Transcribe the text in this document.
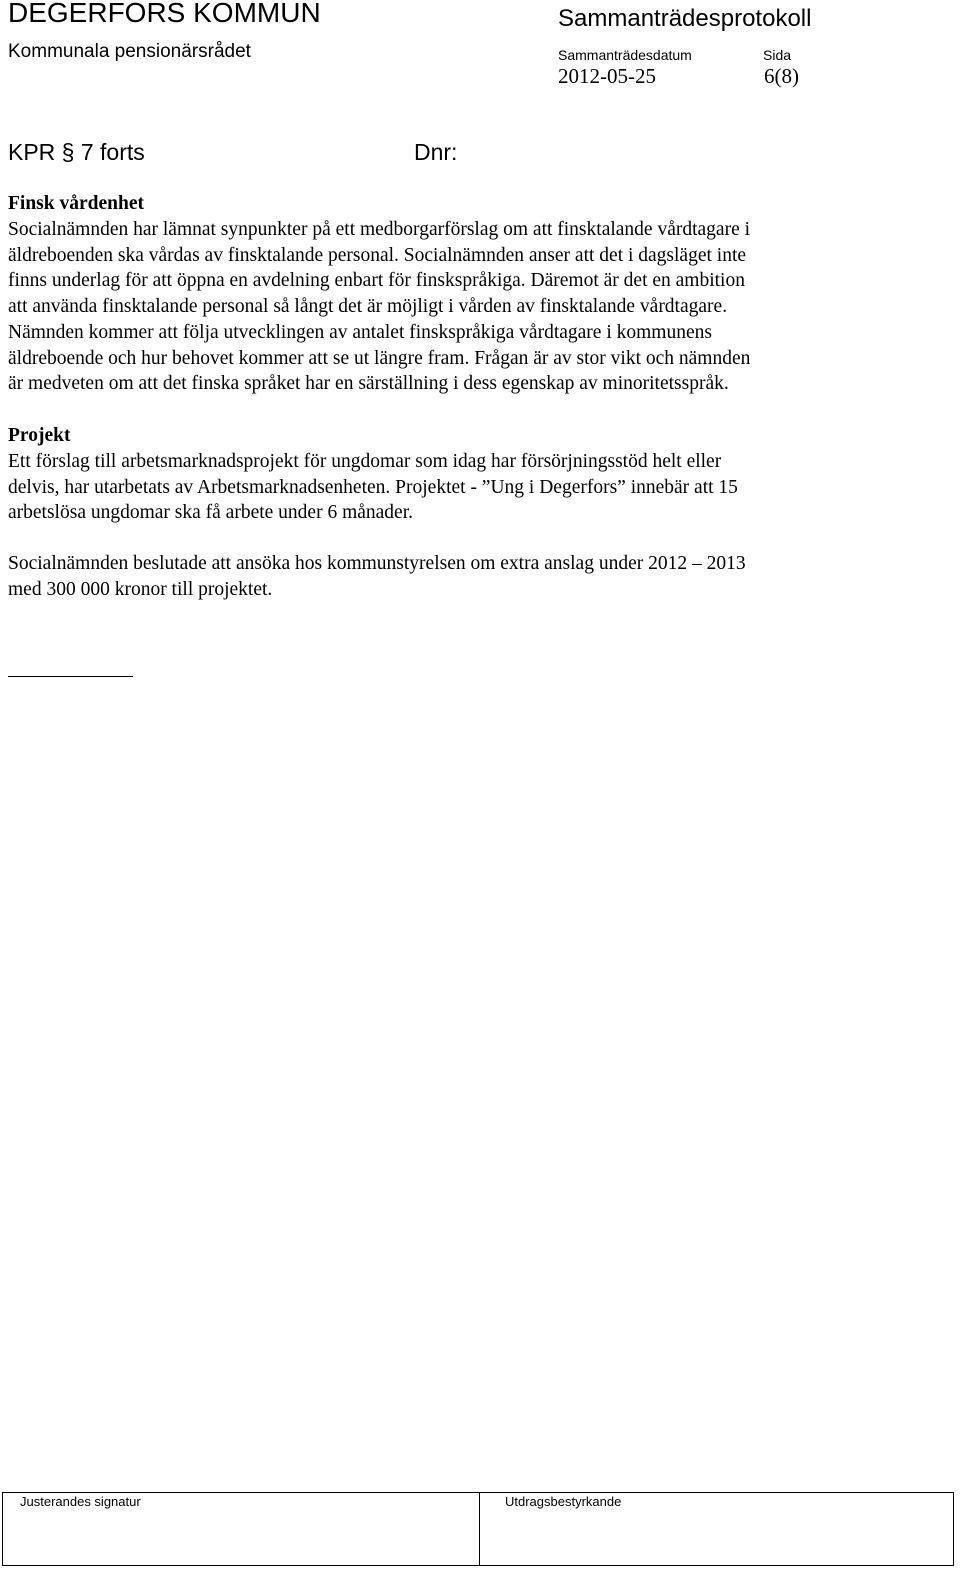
DEGERFORS KOMMUN
Kommunala pensionärsrådet
Sammanträdesprotokoll
Sammanträdesdatum	Sida
2012-05-25	6(8)
KPR § 7 forts	Dnr:
Finsk vårdenhet
Socialnämnden har lämnat synpunkter på ett medborgarförslag om att finsktalande vårdtagare i
äldreboenden ska vårdas av finsktalande personal. Socialnämnden anser att det i dagsläget inte
finns underlag för att öppna en avdelning enbart för finskspråkiga. Däremot är det en ambition
att använda finsktalande personal så långt det är möjligt i vården av finsktalande vårdtagare.
Nämnden kommer att följa utvecklingen av antalet finskspråkiga vårdtagare i kommunens
äldreboende och hur behovet kommer att se ut längre fram. Frågan är av stor vikt och nämnden
är medveten om att det finska språket har en särställning i dess egenskap av minoritetsspråk.
Projekt
Ett förslag till arbetsmarknadsprojekt för ungdomar som idag har försörjningsstöd helt eller
delvis, har utarbetats av Arbetsmarknadsenheten. Projektet - ”Ung i Degerfors” innebär att 15
arbetslösa ungdomar ska få arbete under 6 månader.
Socialnämnden beslutade att ansöka hos kommunstyrelsen om extra anslag under 2012 – 2013
med 300 000 kronor till projektet.
Justerandes signatur	Utdragsbestyrkande
